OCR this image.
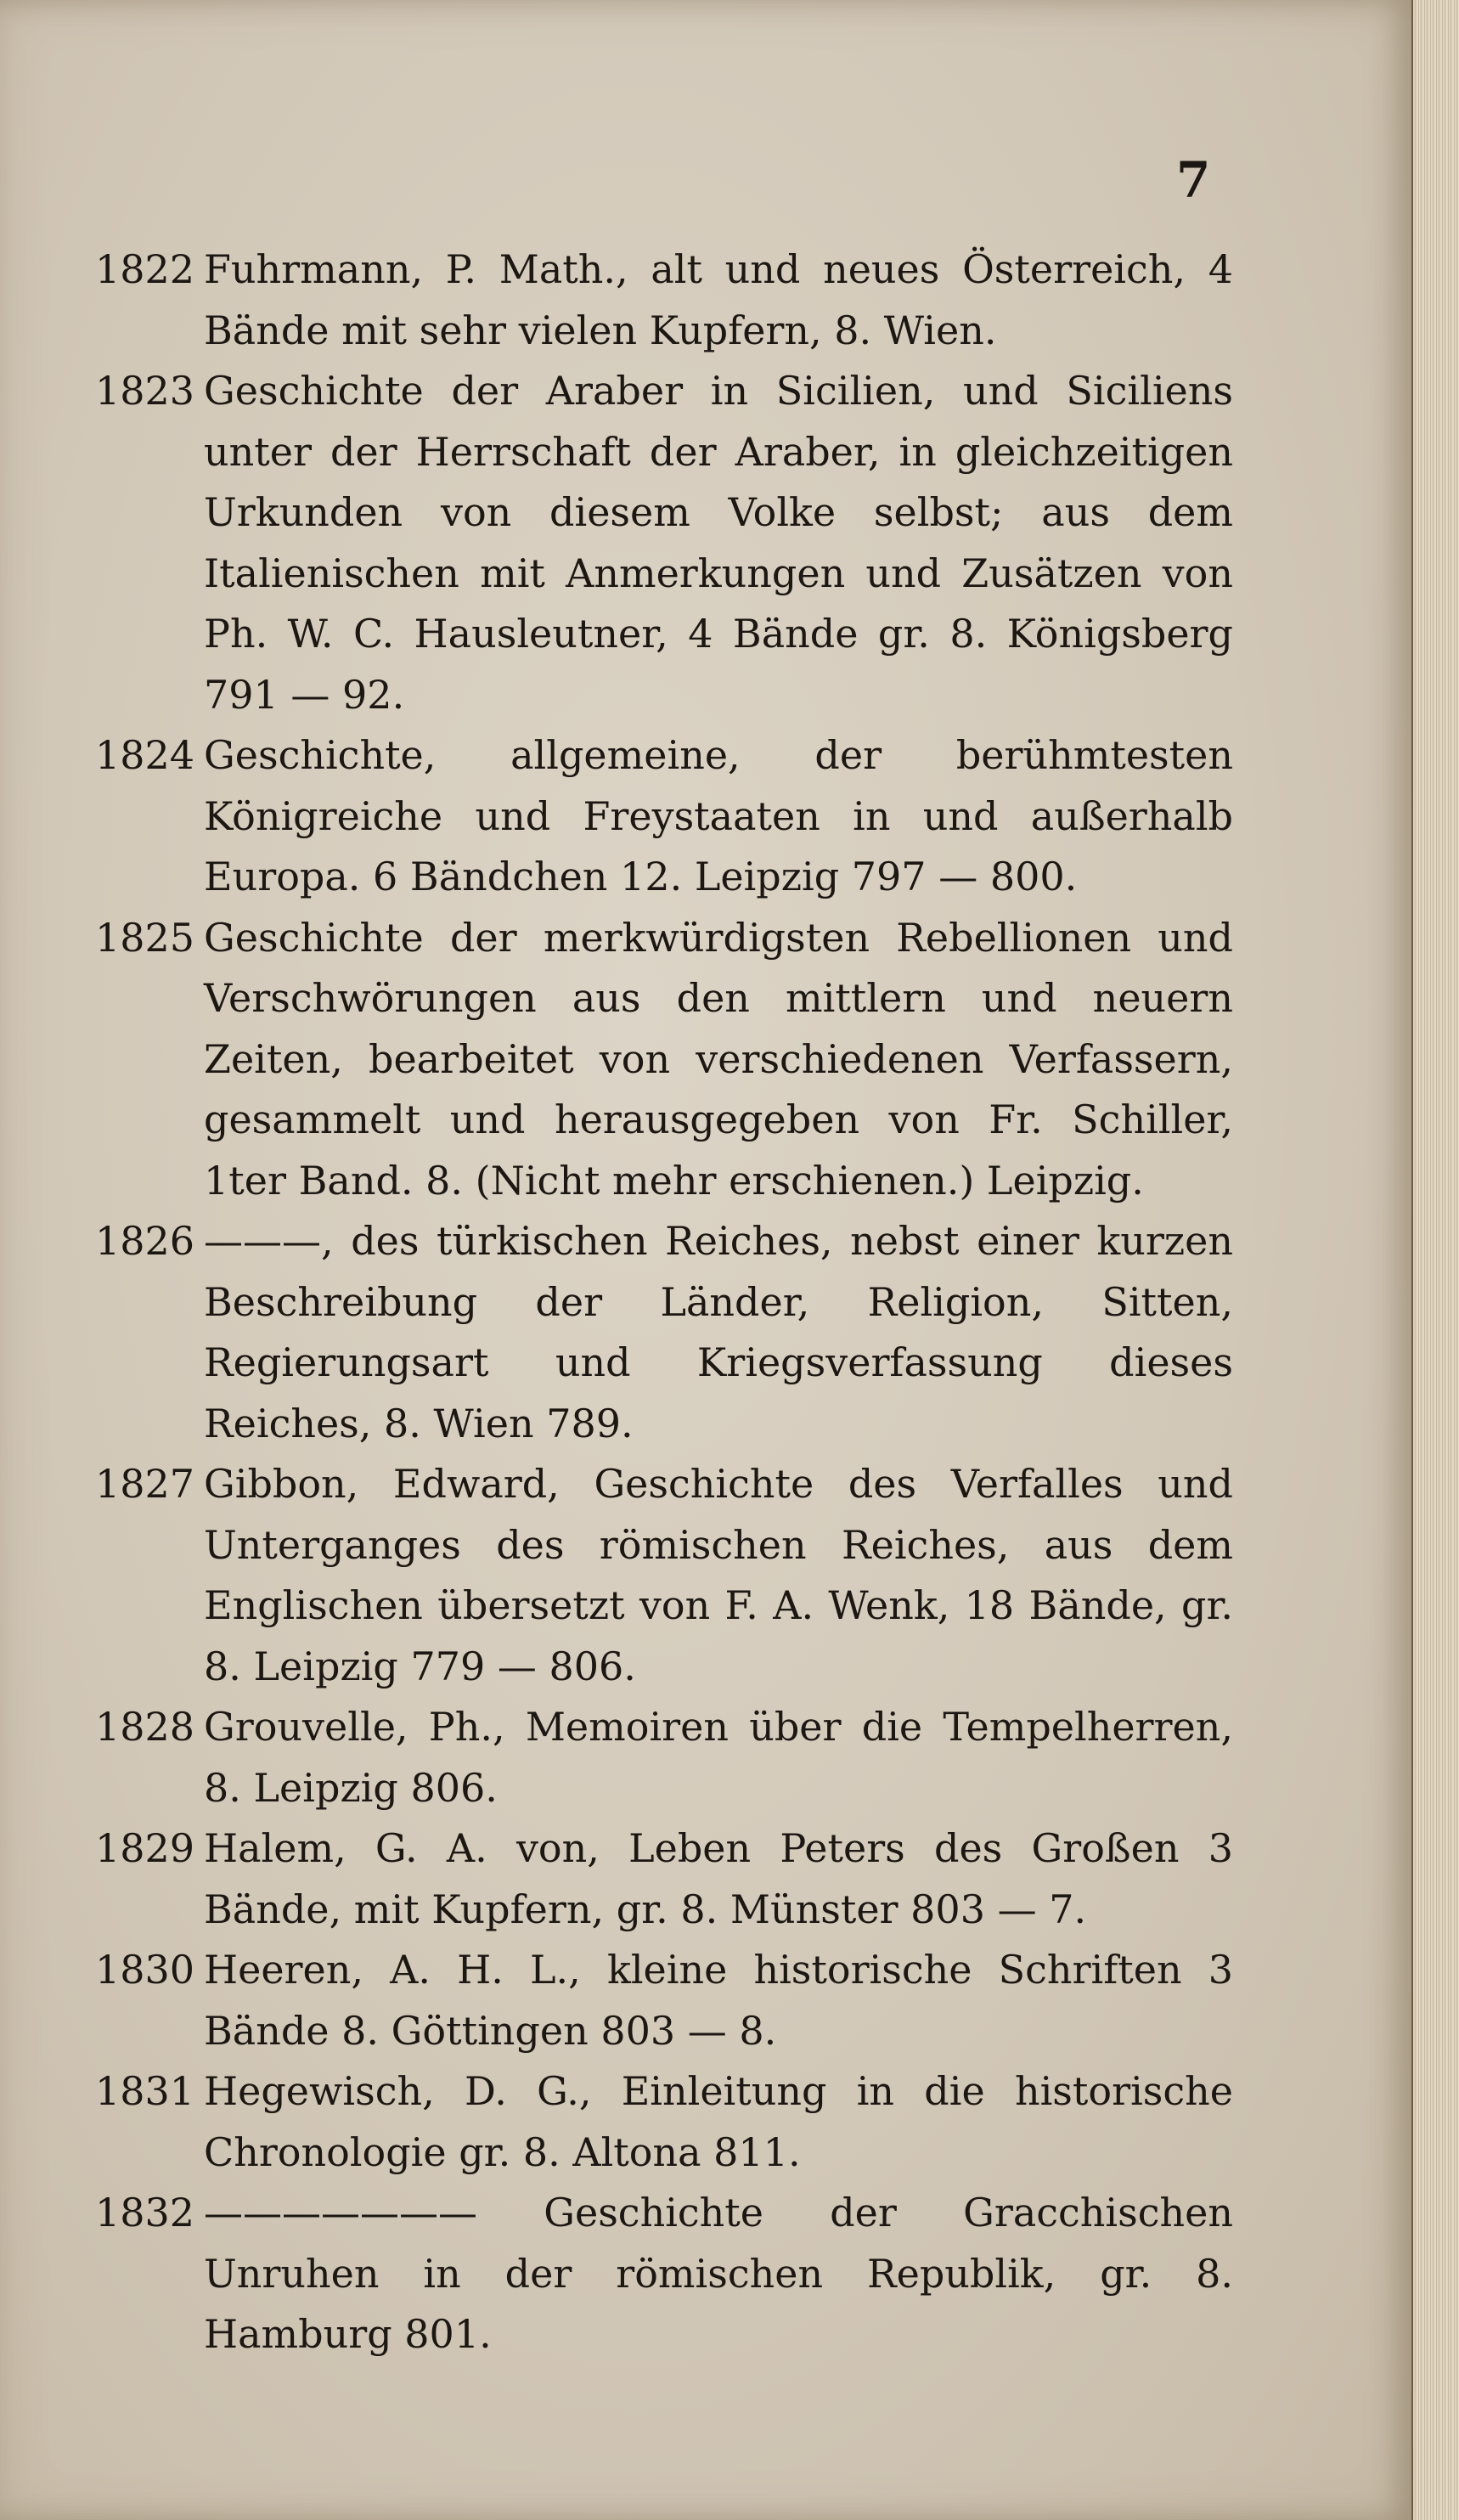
7

1822 Fuhrmann, P. Math., alt und neues Österreich, 4 Bände mit sehr vielen Kupfern, 8. Wien.
1823 Geschichte der Araber in Sicilien, und Siciliens unter der Herrschaft der Araber, in gleichzeitigen Urkunden von diesem Volke selbst; aus dem Italienischen mit Anmerkungen und Zusätzen von Ph. W. C. Hausleutner, 4 Bände gr. 8. Königsberg 791 — 92.
1824 Geschichte, allgemeine, der berühmtesten Königreiche und Freystaaten in und außerhalb Europa. 6 Bändchen 12. Leipzig 797 — 800.
1825 Geschichte der merkwürdigsten Rebellionen und Verschwörungen aus den mittlern und neuern Zeiten, bearbeitet von verschiedenen Verfassern, gesammelt und herausgegeben von Fr. Schiller, 1ter Band. 8. (Nicht mehr erschienen.) Leipzig.
1826 ———, des türkischen Reiches, nebst einer kurzen Beschreibung der Länder, Religion, Sitten, Regierungsart und Kriegsverfassung dieses Reiches, 8. Wien 789.
1827 Gibbon, Edward, Geschichte des Verfalles und Unterganges des römischen Reiches, aus dem Englischen übersetzt von F. A. Wenk, 18 Bände, gr. 8. Leipzig 779 — 806.
1828 Grouvelle, Ph., Memoiren über die Tempelherren, 8. Leipzig 806.
1829 Halem, G. A. von, Leben Peters des Großen 3 Bände, mit Kupfern, gr. 8. Münster 803 — 7.
1830 Heeren, A. H. L., kleine historische Schriften 3 Bände 8. Göttingen 803 — 8.
1831 Hegewisch, D. G., Einleitung in die historische Chronologie gr. 8. Altona 811.
1832 ——————— Geschichte der Gracchischen Unruhen in der römischen Republik, gr. 8. Hamburg 801.
